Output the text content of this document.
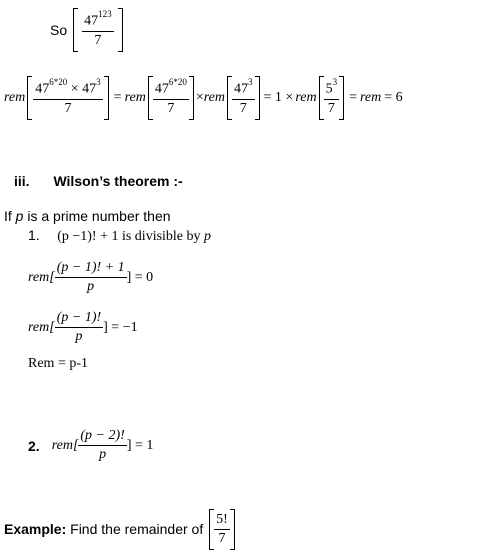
So $\frac{47^{123}}{7}$
rem $\frac{47^{6*20} \times 47^3}{7}$ = rem $\frac{47^{6*20}}{7}$ × rem $\frac{47^3}{7} = 1$ × rem $\frac{5^3}{7}$ = rem = 6
iii. Wilson’s theorem :-
If p is a prime number then
1. (p −1)! + 1 is divisible by p
$rem[ \frac{(p - 1)! + 1}{p}$ ] = 0
$rem[ \frac{(p - 1)!}{p}$ ] = −1
Rem = p-1
2. $rem[ \frac{(p - 2)!}{p}$ ] = 1
Example: Find the remainder of $\frac{5!}{7}$
